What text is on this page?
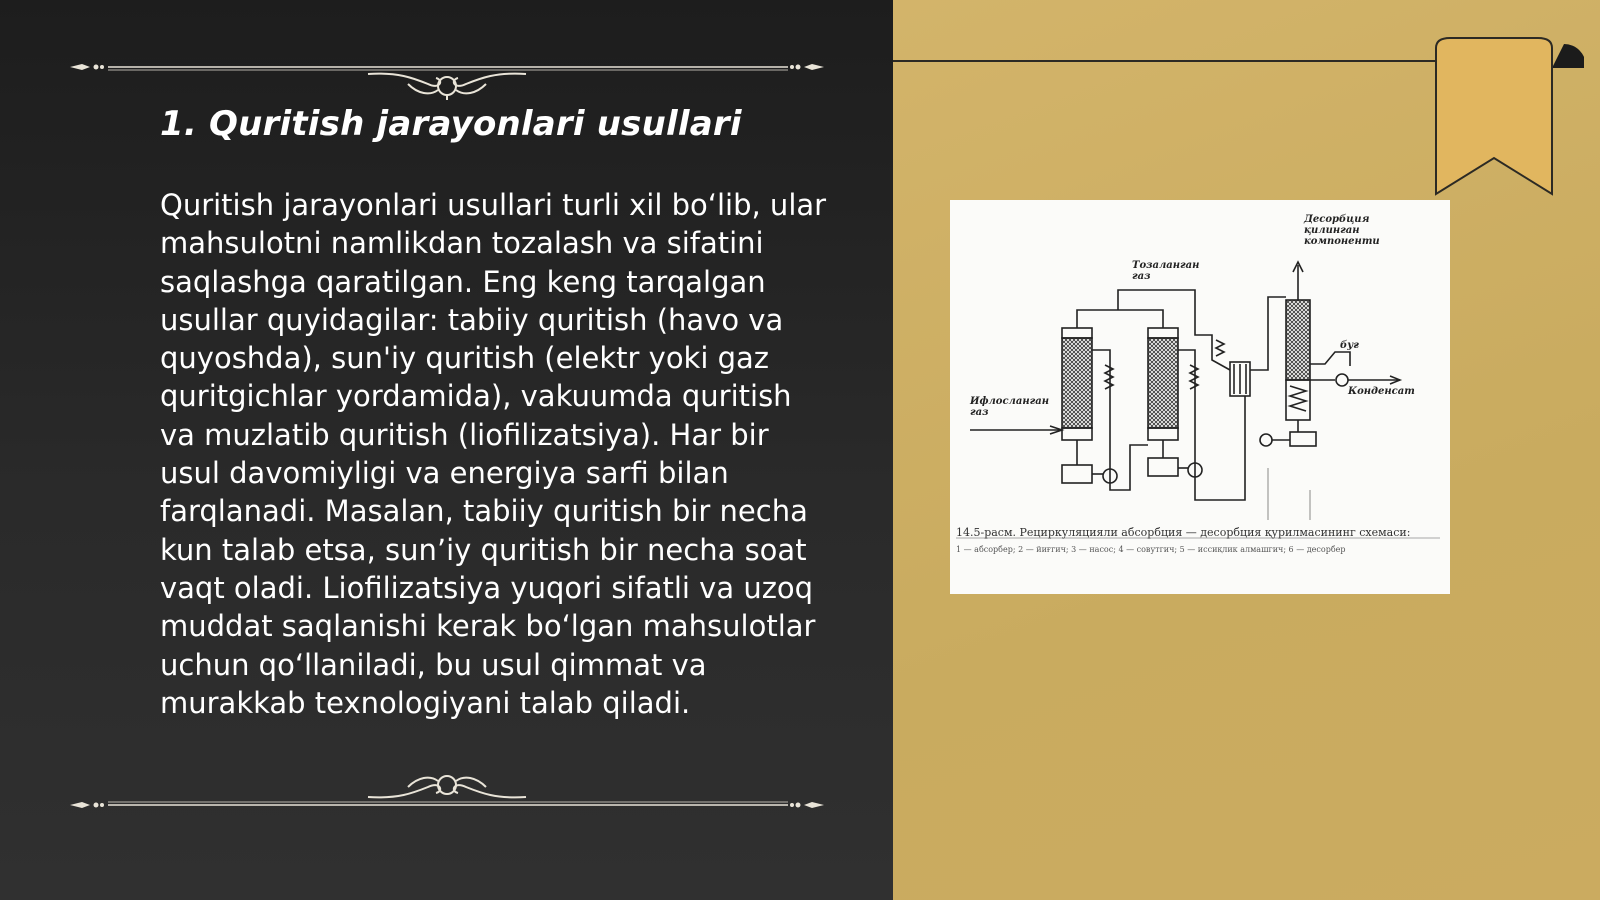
1. Quritish jarayonlari usullari

Quritish jarayonlari usullari turli xil bo‘lib, ular mahsulotni namlikdan tozalash va sifatini saqlashga qaratilgan. Eng keng tarqalgan usullar quyidagilar: tabiiy quritish (havo va quyoshda), sun'iy quritish (elektr yoki gaz quritgichlar yordamida), vakuumda quritish va muzlatib quritish (liofilizatsiya). Har bir usul davomiyligi va energiya sarfi bilan farqlanadi. Masalan, tabiiy quritish bir necha kun talab etsa, sun’iy quritish bir necha soat vaqt oladi. Liofilizatsiya yuqori sifatli va uzoq muddat saqlanishi kerak bo‘lgan mahsulotlar uchun qo‘llaniladi, bu usul qimmat va murakkab texnologiyani talab qiladi.

Десорбция қилинган компоненти
Тозаланган газ
Ифлосланган газ
буғ
Конденсат
14.5-расм. Рециркуляцияли абсорбция — десорбция қурилмасининг схемаси:
1 — абсорбер; 2 — йиғгич; 3 — насос; 4 — совутгич; 5 — иссиқлик алмашгич; 6 — десорбер
